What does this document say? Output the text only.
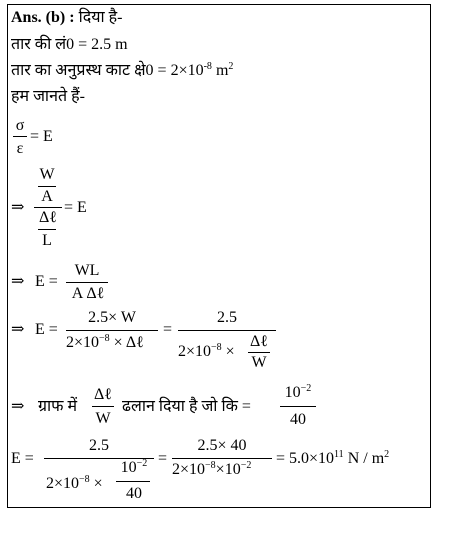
Ans. (b) : दिया है-
तार की लं0 = 2.5 m
तार का अनुप्रस्थ काट क्षे0 = $2\times 10^{-8}$ $m^2$
हम जानते हैं-
σ
ε
= E
⇒
W
A
Δℓ
L
= E
⇒ E =
WL
A Δℓ
⇒ E =
2.5× W
$2\times 10^{-8}$ × Δℓ
=
2.5
$2\times 10^{-8}$ ×
Δℓ
W
⇒ ग्राफ में
Δℓ
W
ढलान दिया है जो कि =
$10^{-2}$
40
E =
2.5
$2\times 10^{-8}$ ×
$10^{-2}$
40
=
2.5× 40
$2\times 10^{-8}\times 10^{-2} = 5.0\times 10^{11}$ N / $m^2$
